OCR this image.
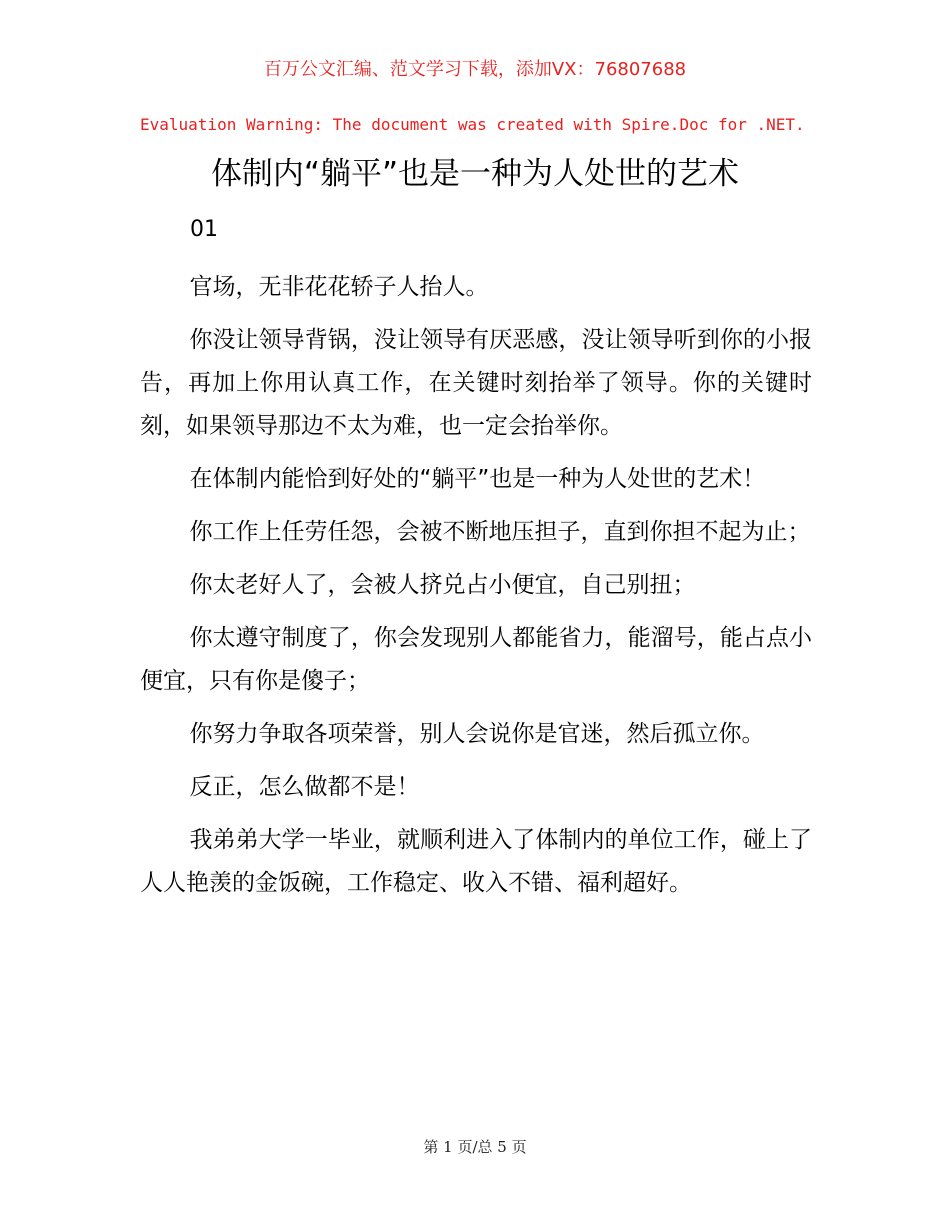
百万公文汇编、范文学习下载，添加VX：76807688
Evaluation Warning: The document was created with Spire.Doc for .NET.
体制内“躺平”也是一种为人处世的艺术
01

官场，无非花花轿子人抬人。

你没让领导背锅，没让领导有厌恶感，没让领导听到你的小报告，再加上你用认真工作，在关键时刻抬举了领导。你的关键时刻，如果领导那边不太为难，也一定会抬举你。

在体制内能恰到好处的“躺平”也是一种为人处世的艺术！

你工作上任劳任怨，会被不断地压担子，直到你担不起为止；

你太老好人了，会被人挤兑占小便宜，自己别扭；

你太遵守制度了，你会发现别人都能省力，能溜号，能占点小便宜，只有你是傻子；

你努力争取各项荣誉，别人会说你是官迷，然后孤立你。

反正，怎么做都不是！

我弟弟大学一毕业，就顺利进入了体制内的单位工作，碰上了人人艳羡的金饭碗，工作稳定、收入不错、福利超好。

第 1 页/总 5 页
